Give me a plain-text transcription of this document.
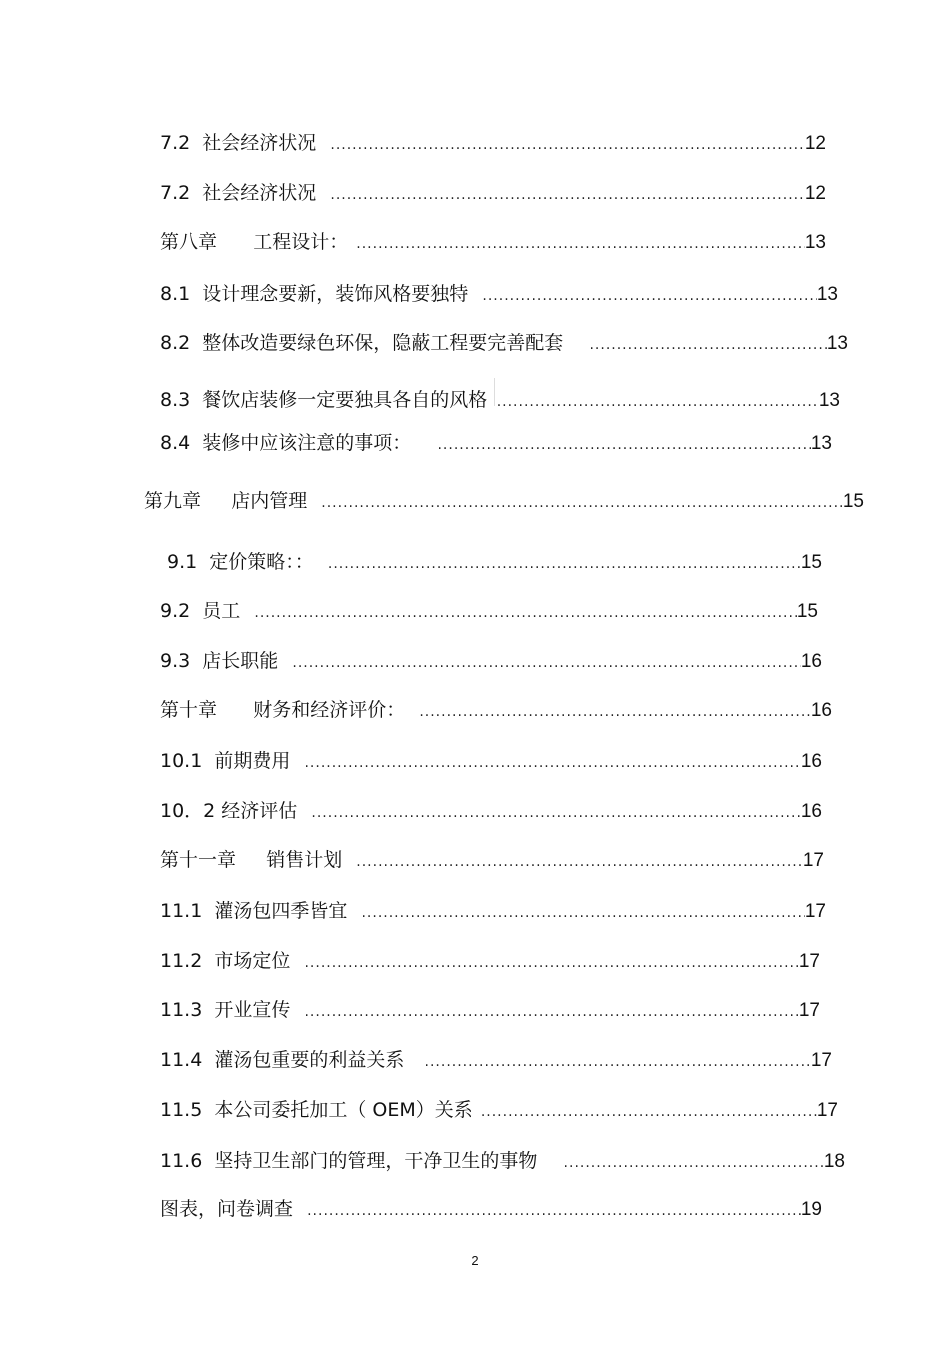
7.2  社会经济状况 .....	12
7.2  社会经济状况 .....	12
第八章      工程设计： .....	13
8.1  设计理念要新，装饰风格要独特 .....	13
8.2  整体改造要绿色环保，隐蔽工程要完善配套 .....	13
8.3  餐饮店装修一定要独具各自的风格 .....	13
8.4  装修中应该注意的事项： .....	13
第九章     店内管理 .....	15
9.1  定价策略：： .....	15
9.2  员工 .....	15
9.3  店长职能 .....	16
第十章      财务和经济评价： .....	16
10.1  前期费用 .....	16
10．2 经济评估 .....	16
第十一章     销售计划 .....	17
11.1  灌汤包四季皆宜 .....	17
11.2  市场定位 .....	17
11.3  开业宣传 .....	17
11.4  灌汤包重要的利益关系 .....	17
11.5  本公司委托加工（ OEM）关系 .....	17
11.6  坚持卫生部门的管理，干净卫生的事物 .....	18
图表，问卷调查 .....	19
2
